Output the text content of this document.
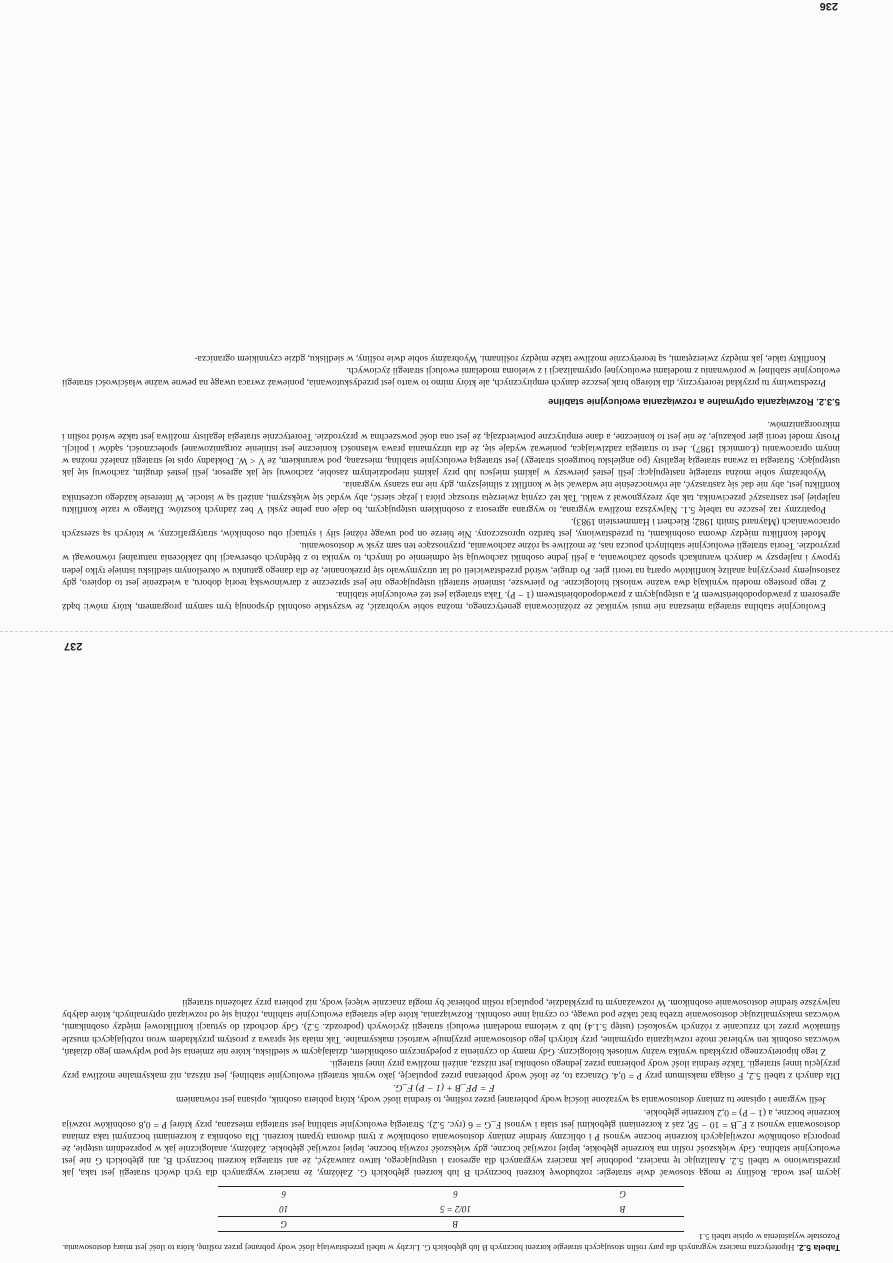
Ewolucyjnie stabilna strategia mieszana nie musi wynikać ze zróżnicowania genetycznego, można sobie wyobrazić, że wszystkie osobniki dysponują tym samym programem, który mówi: bądź agresorem z prawdopodobieństwem P, a ustępującym z prawdopodobieństwem (1 − P). Taka strategia jest też ewolucyjnie stabilna.

Z tego prostego modelu wynikają dwa ważne wnioski biologiczne. Po pierwsze, istnienie strategii ustępującego nie jest sprzeczne z darwinowską teorią doboru, a wiedzenie jest to dopiero, gdy zastosujemy precyzyjną analizę konfliktów opartą na teorii gier. Po drugie, wśród przedstawicieli od lat utrzymywało się przekonanie, że dla danego gatunku w określonym siedlisku istnieje tylko jeden typowy i najlepszy w danych warunkach sposób zachowania, a jeśli jedne osobniki zachowują się odmiennie od innych, to wynika to z błędnych obserwacji lub zakłócenia naturalnej równowagi w przyrodzie. Teoria strategii ewolucyjnie stabilnych poucza nas, że możliwe są różne zachowania, przynoszące ten sam zysk w dostosowaniu.

Model konfliktu między dwoma osobnikami, tu przedstawiony, jest bardzo uproszczony. Nie bierze on pod uwagę różnej siły i sytuacji obu osobników, stratygraficzny, w których są szerszych opracowaniach (Maynard Smith 1982; Riechert i Hammerstein 1983).

Popatrzmy raz jeszcze na tabelę 5.1. Najwyższa możliwa wygrana, to wygrana agresora z osobnikiem ustępującym, bo daje ona pełne zyski V bez żadnych kosztów. Dlatego w razie konfliktu najlepiej jest zastraszyć przeciwnika, tak aby zrezygnował z walki. Tak też czynią zwierzęta strosząc pióra i jeżąc sierść, aby wydać się większymi, aniżeli są w istocie. W interesie każdego uczestnika konfliktu jest, aby nie dać się zastraszyć, ale równocześnie nie wdawać się w konflikt z silniejszym, gdy nie ma szansy wygrania.

Wyobraźmy sobie można strategię następującą: jeśli jesteś pierwszy w jakimś miejscu lub przy jakimś niepodzielnym zasobie, zachowuj się jak agresor, jeśli jesteś drugim, zachowuj się jak ustępujący. Strategia ta zwana strategią legalisty (po angielsku bourgeois strategy) jest strategią ewolucyjnie stabilną, mieszaną, pod warunkiem, że V < W. Dokładny opis tej strategii znaleźć można w innym opracowaniu (Łomnicki 1987). Jest to strategia zadziwiająca, ponieważ wydaje się, że dla utrzymania prawa własności konieczne jest istnienie zorganizowanej społeczności, sądów i policji. Prosty model teorii gier pokazuje, że nie jest to konieczne, a dane empiryczne potwierdzają, że jest ona dość powszechna w przyrodzie. Teoretycznie strategia legalisty możliwa jest także wśród roślin i mikroorganizmów.

5.3.2. Rozwiązania optymalne a rozwiązania ewolucyjnie stabilne

Przedstawimy tu przykład teoretyczny, dla którego brak jeszcze danych empirycznych, ale który mimo to warto jest przedyskutowania, ponieważ zwraca uwagę na pewne ważne właściwości strategii ewolucyjnie stabilnej w porównaniu z modelami ewolucyjnej optymalizacji i z wieloma modelami ewolucji strategii życiowych.

Konflikty takie, jak między zwierzętami, są teoretycznie możliwe także między roślinami. Wyobraźmy sobie dwie rośliny, w siedlisku, gdzie czynnikiem ogranicza-

236

Tabela 5.2. Hipotetyczna macierz wygranych dla pary roślin stosujących strategie korzeni bocznych B lub głębokich G. Liczby w tabeli przedstawiają ilość wody pobranej przez roślinę, która to ilość jest miarą dostosowania. Pozostałe wyjaśnienia w opisie tabeli 5.1

	B	G
B	10/2 = 5	10
G	6	6

jącym jest woda. Rośliny te mogą stosować dwie strategie: rozbudowę korzeni bocznych B lub korzeni głębokich G. Załóżmy, że macierz wygranych dla tych dwóch strategii jest taka, jak przedstawiono w tabeli 5.2. Analizując tę macierz, podobnie jak macierz wygranych dla agresora i ustępującego, łatwo zauważyć, że ani strategia korzeni bocznych B, ani głębokich G nie jest ewolucyjnie stabilna. Gdy większość roślin ma korzenie głębokie, lepiej rozwijać boczne, gdy większość rozwija boczne, lepiej rozwijać głębokie. Załóżmy, analogicznie jak w poprzednim ustępie, że proporcja osobników rozwijających korzenie boczne wynosi P i obliczmy średnie zmiany dostosowania osobników z tymi dwoma typami korzeni. Dla osobnika z korzeniami bocznymi taka zmiana dostosowania wynosi z F_B = 10 − 5P, zaś z korzeniami głębokimi jest stała i wynosi F_G = 6 (ryc. 5.2). Strategią ewolucyjnie stabilną jest strategia mieszana, przy której P = 0,8 osobników rozwija korzenie boczne, a (1 − P) = 0,2 korzenie głębokie.

Jeśli wygrane i opisane tu zmiany dostosowania są wyrażone ilością wody pobieranej przez roślinę, to średnia ilość wody, którą pobiera osobnik, opisana jest równaniem

F = PF_B + (1 − P) F_G.

Dla danych z tabeli 5.2, F osiąga maksimum przy P = 0,4. Oznacza to, że ilość wody pobierana przez populację, jako wynik strategii ewolucyjnie stabilnej, jest niższa, niż maksymalne możliwa przy przyjęciu innej strategii. Także średnia ilość wody pobierana przez jednego osobnika jest niższa, aniżeli możliwa przy innej strategii.

Z tego hipotetycznego przykładu wynika ważny wniosek biologiczny. Gdy mamy do czynienia z pojedynczym osobnikiem, działającym w siedlisku, które nie zmienia się pod wpływem jego działań, wówczas osobnik ten wybierać może rozwiązania optymalne, przy których jego dostosowanie przyjmuje wartości maksymalne. Tak miała się sprawa z prostym przykładem wron rozbijających muszle ślimaków przez ich zrzucanie z różnych wysokości (ustęp 5.1.4) lub z wieloma modelami ewolucji strategii życiowych (podrozdz. 5.2). Gdy dochodzi do sytuacji konfliktowej między osobnikami, wówczas maksymalizując dostosowanie trzeba brać także pod uwagę, co czynią inne osobniki. Rozwiązania, które daje strategia ewolucyjnie stabilna, różnią się od rozwiązań optymalnych, które dałyby najwyższe średnie dostosowanie osobnikom. W rozważanym tu przykładzie, populacja roślin pobierać by mogła znacznie więcej wody, niż pobiera przy założeniu strategii

237
